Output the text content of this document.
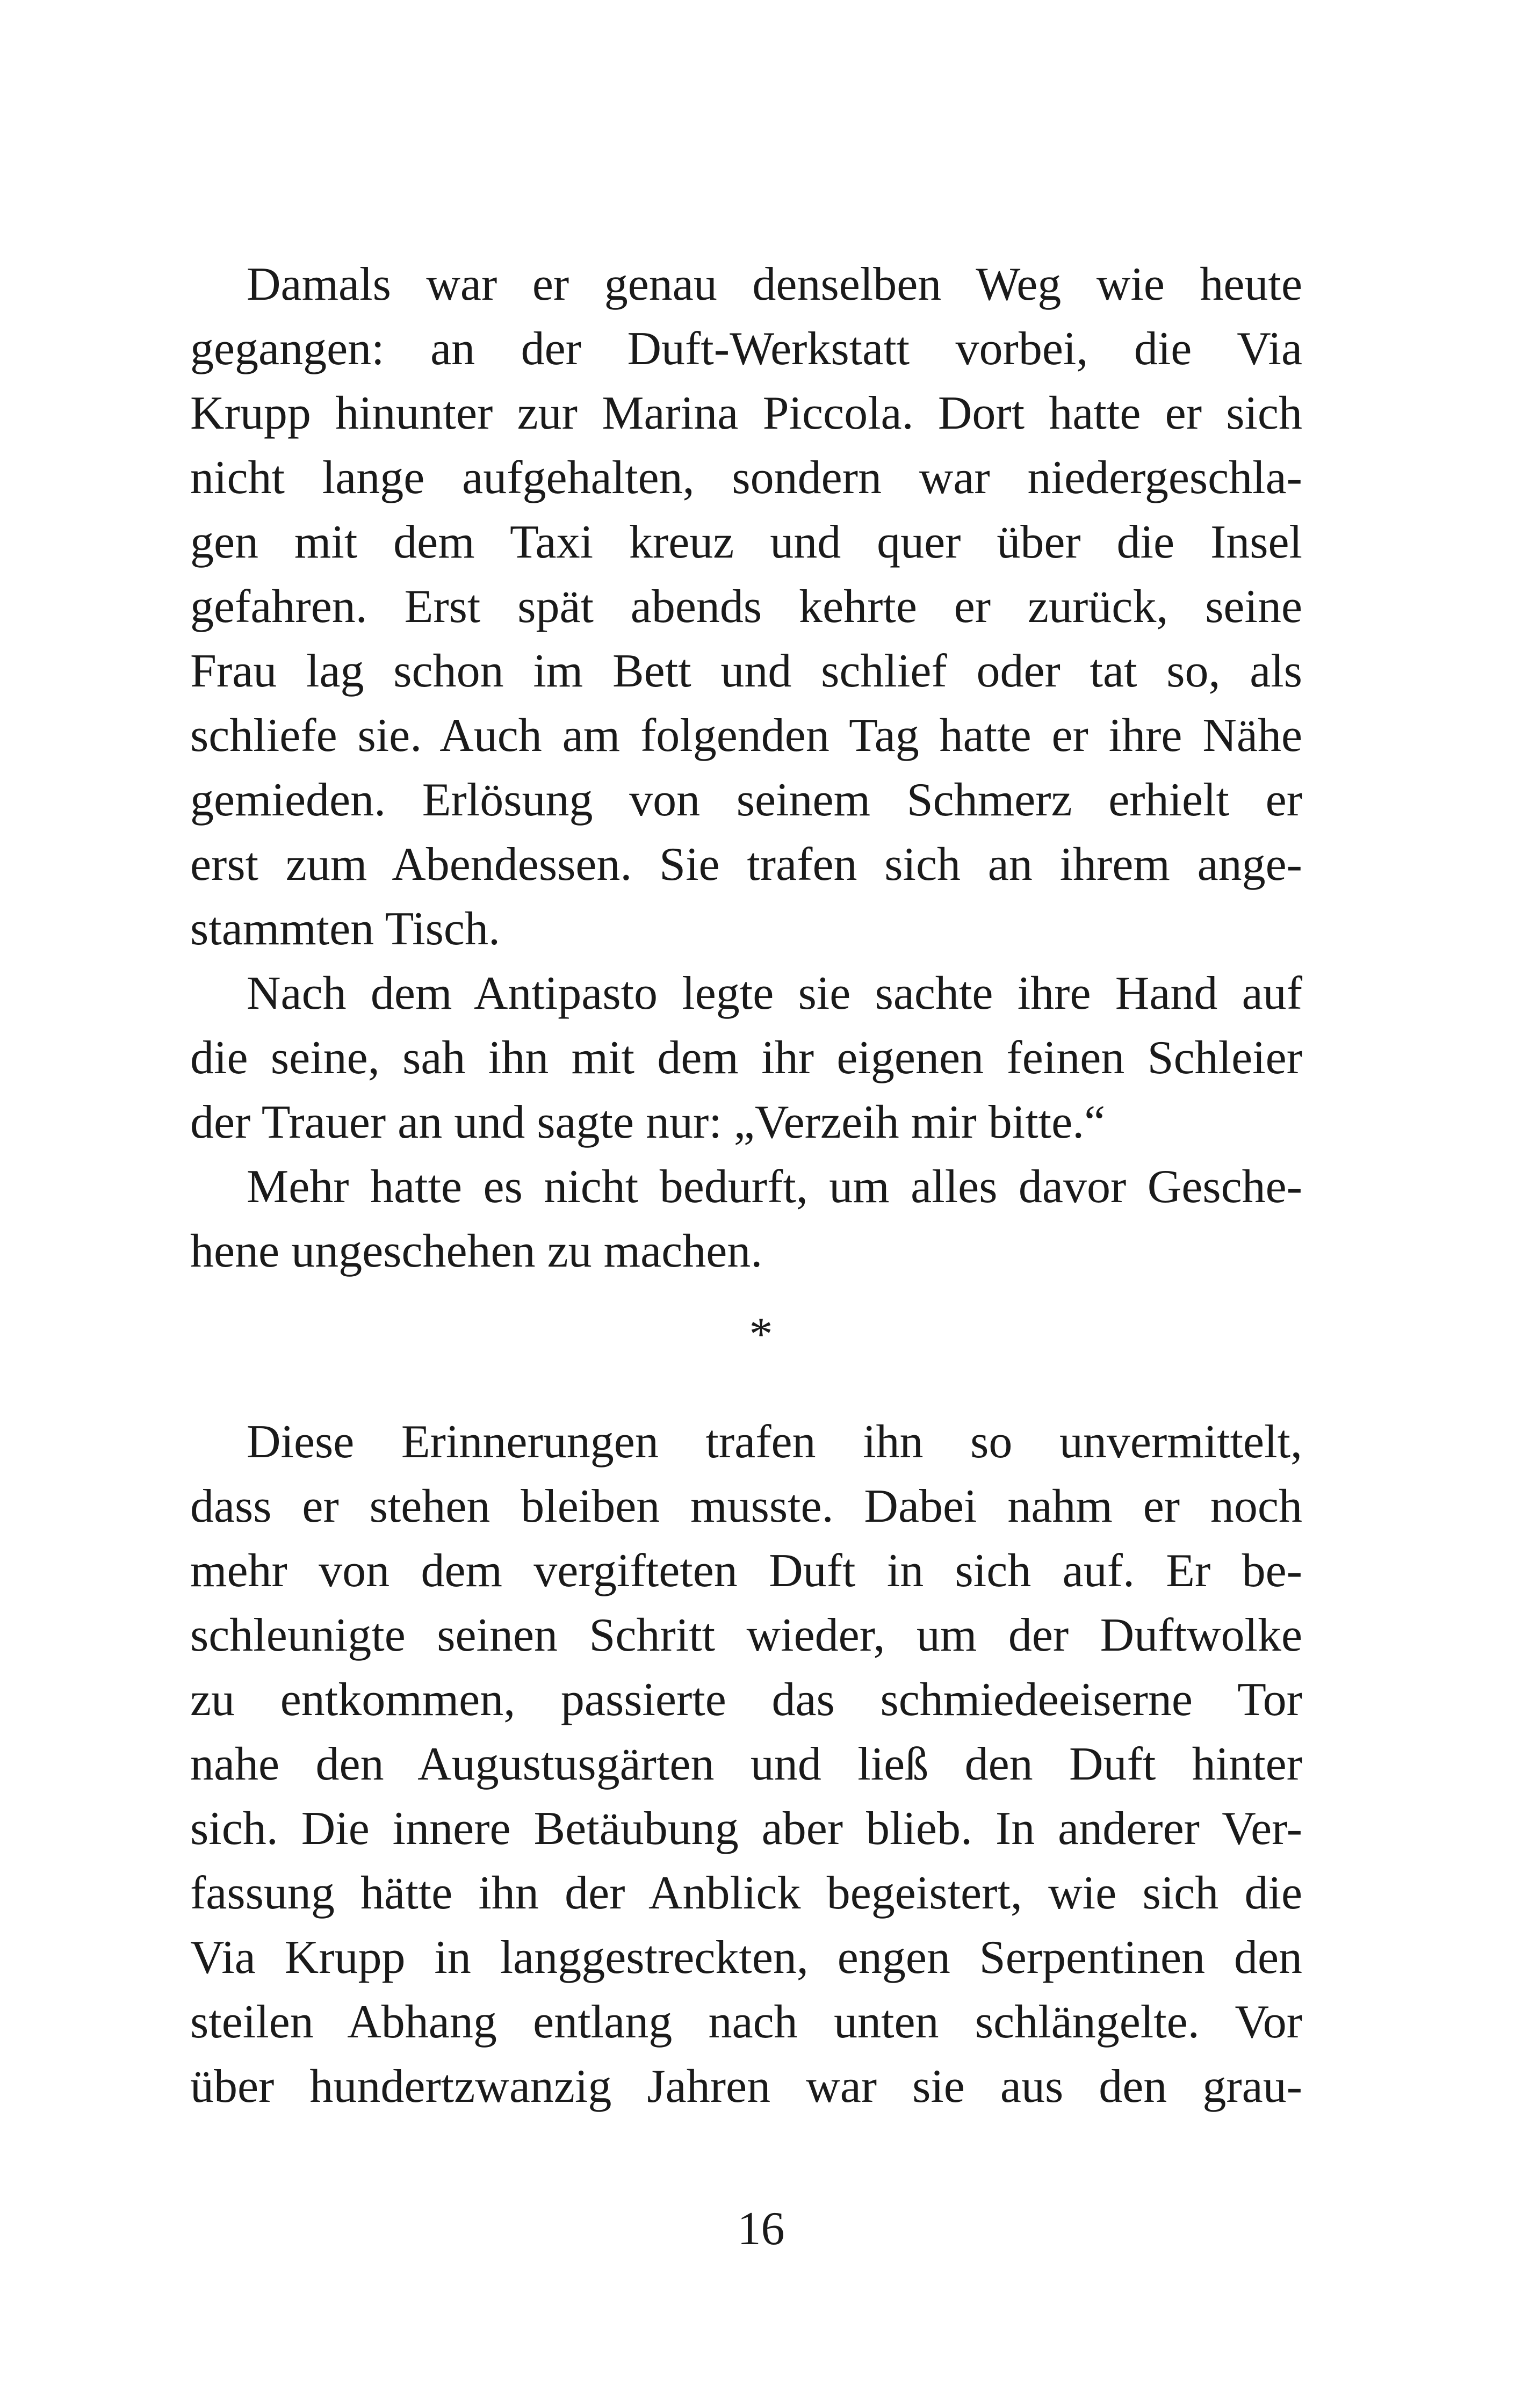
Damals war er genau denselben Weg wie heute
gegangen: an der Duft-Werkstatt vorbei, die Via
Krupp hinunter zur Marina Piccola. Dort hatte er sich
nicht lange aufgehalten, sondern war niedergeschla-
gen mit dem Taxi kreuz und quer über die Insel
gefahren. Erst spät abends kehrte er zurück, seine
Frau lag schon im Bett und schlief oder tat so, als
schliefe sie. Auch am folgenden Tag hatte er ihre Nähe
gemieden. Erlösung von seinem Schmerz erhielt er
erst zum Abendessen. Sie trafen sich an ihrem ange-
stammten Tisch.
Nach dem Antipasto legte sie sachte ihre Hand auf
die seine, sah ihn mit dem ihr eigenen feinen Schleier
der Trauer an und sagte nur: „Verzeih mir bitte.“
Mehr hatte es nicht bedurft, um alles davor Gesche-
hene ungeschehen zu machen.
*
Diese Erinnerungen trafen ihn so unvermittelt,
dass er stehen bleiben musste. Dabei nahm er noch
mehr von dem vergifteten Duft in sich auf. Er be-
schleunigte seinen Schritt wieder, um der Duftwolke
zu entkommen, passierte das schmiedeeiserne Tor
nahe den Augustusgärten und ließ den Duft hinter
sich. Die innere Betäubung aber blieb. In anderer Ver-
fassung hätte ihn der Anblick begeistert, wie sich die
Via Krupp in langgestreckten, engen Serpentinen den
steilen Abhang entlang nach unten schlängelte. Vor
über hundertzwanzig Jahren war sie aus den grau-
16
